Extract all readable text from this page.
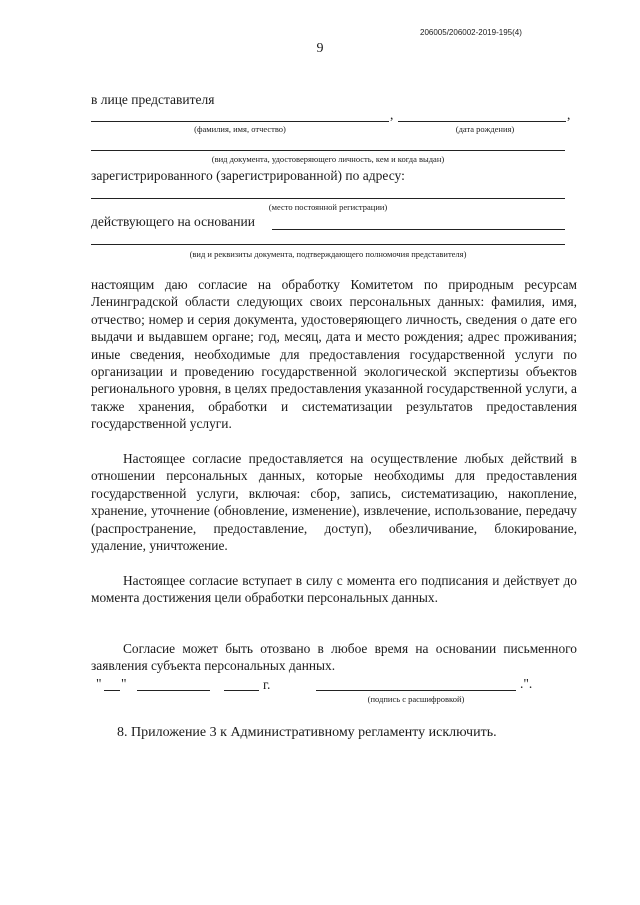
206005/206002-2019-195(4)
9
в лице представителя
,	,
(фамилия, имя, отчество)	(дата рождения)
(вид документа, удостоверяющего личность, кем и когда выдан)
зарегистрированного (зарегистрированной) по адресу:
(место постоянной регистрации)
действующего на основании
(вид и реквизиты документа, подтверждающего полномочия представителя)
настоящим даю согласие на обработку Комитетом по природным ресурсам Ленинградской области следующих своих персональных данных: фамилия, имя, отчество; номер и серия документа, удостоверяющего личность, сведения о дате его выдачи и выдавшем органе; год, месяц, дата и место рождения; адрес проживания; иные сведения, необходимые для предоставления государственной услуги по организации и проведению государственной экологической экспертизы объектов регионального уровня, в целях предоставления указанной государственной услуги, а также хранения, обработки и систематизации результатов предоставления государственной услуги.
Настоящее согласие предоставляется на осуществление любых действий в отношении персональных данных, которые необходимы для предоставления государственной услуги, включая: сбор, запись, систематизацию, накопление, хранение, уточнение (обновление, изменение), извлечение, использование, передачу (распространение, предоставление, доступ), обезличивание, блокирование, удаление, уничтожение.
Настоящее согласие вступает в силу с момента его подписания и действует до момента достижения цели обработки персональных данных.
Согласие может быть отозвано в любое время на основании письменного заявления субъекта персональных данных.
" "	г.	.".
(подпись с расшифровкой)
8. Приложение 3 к Административному регламенту исключить.
